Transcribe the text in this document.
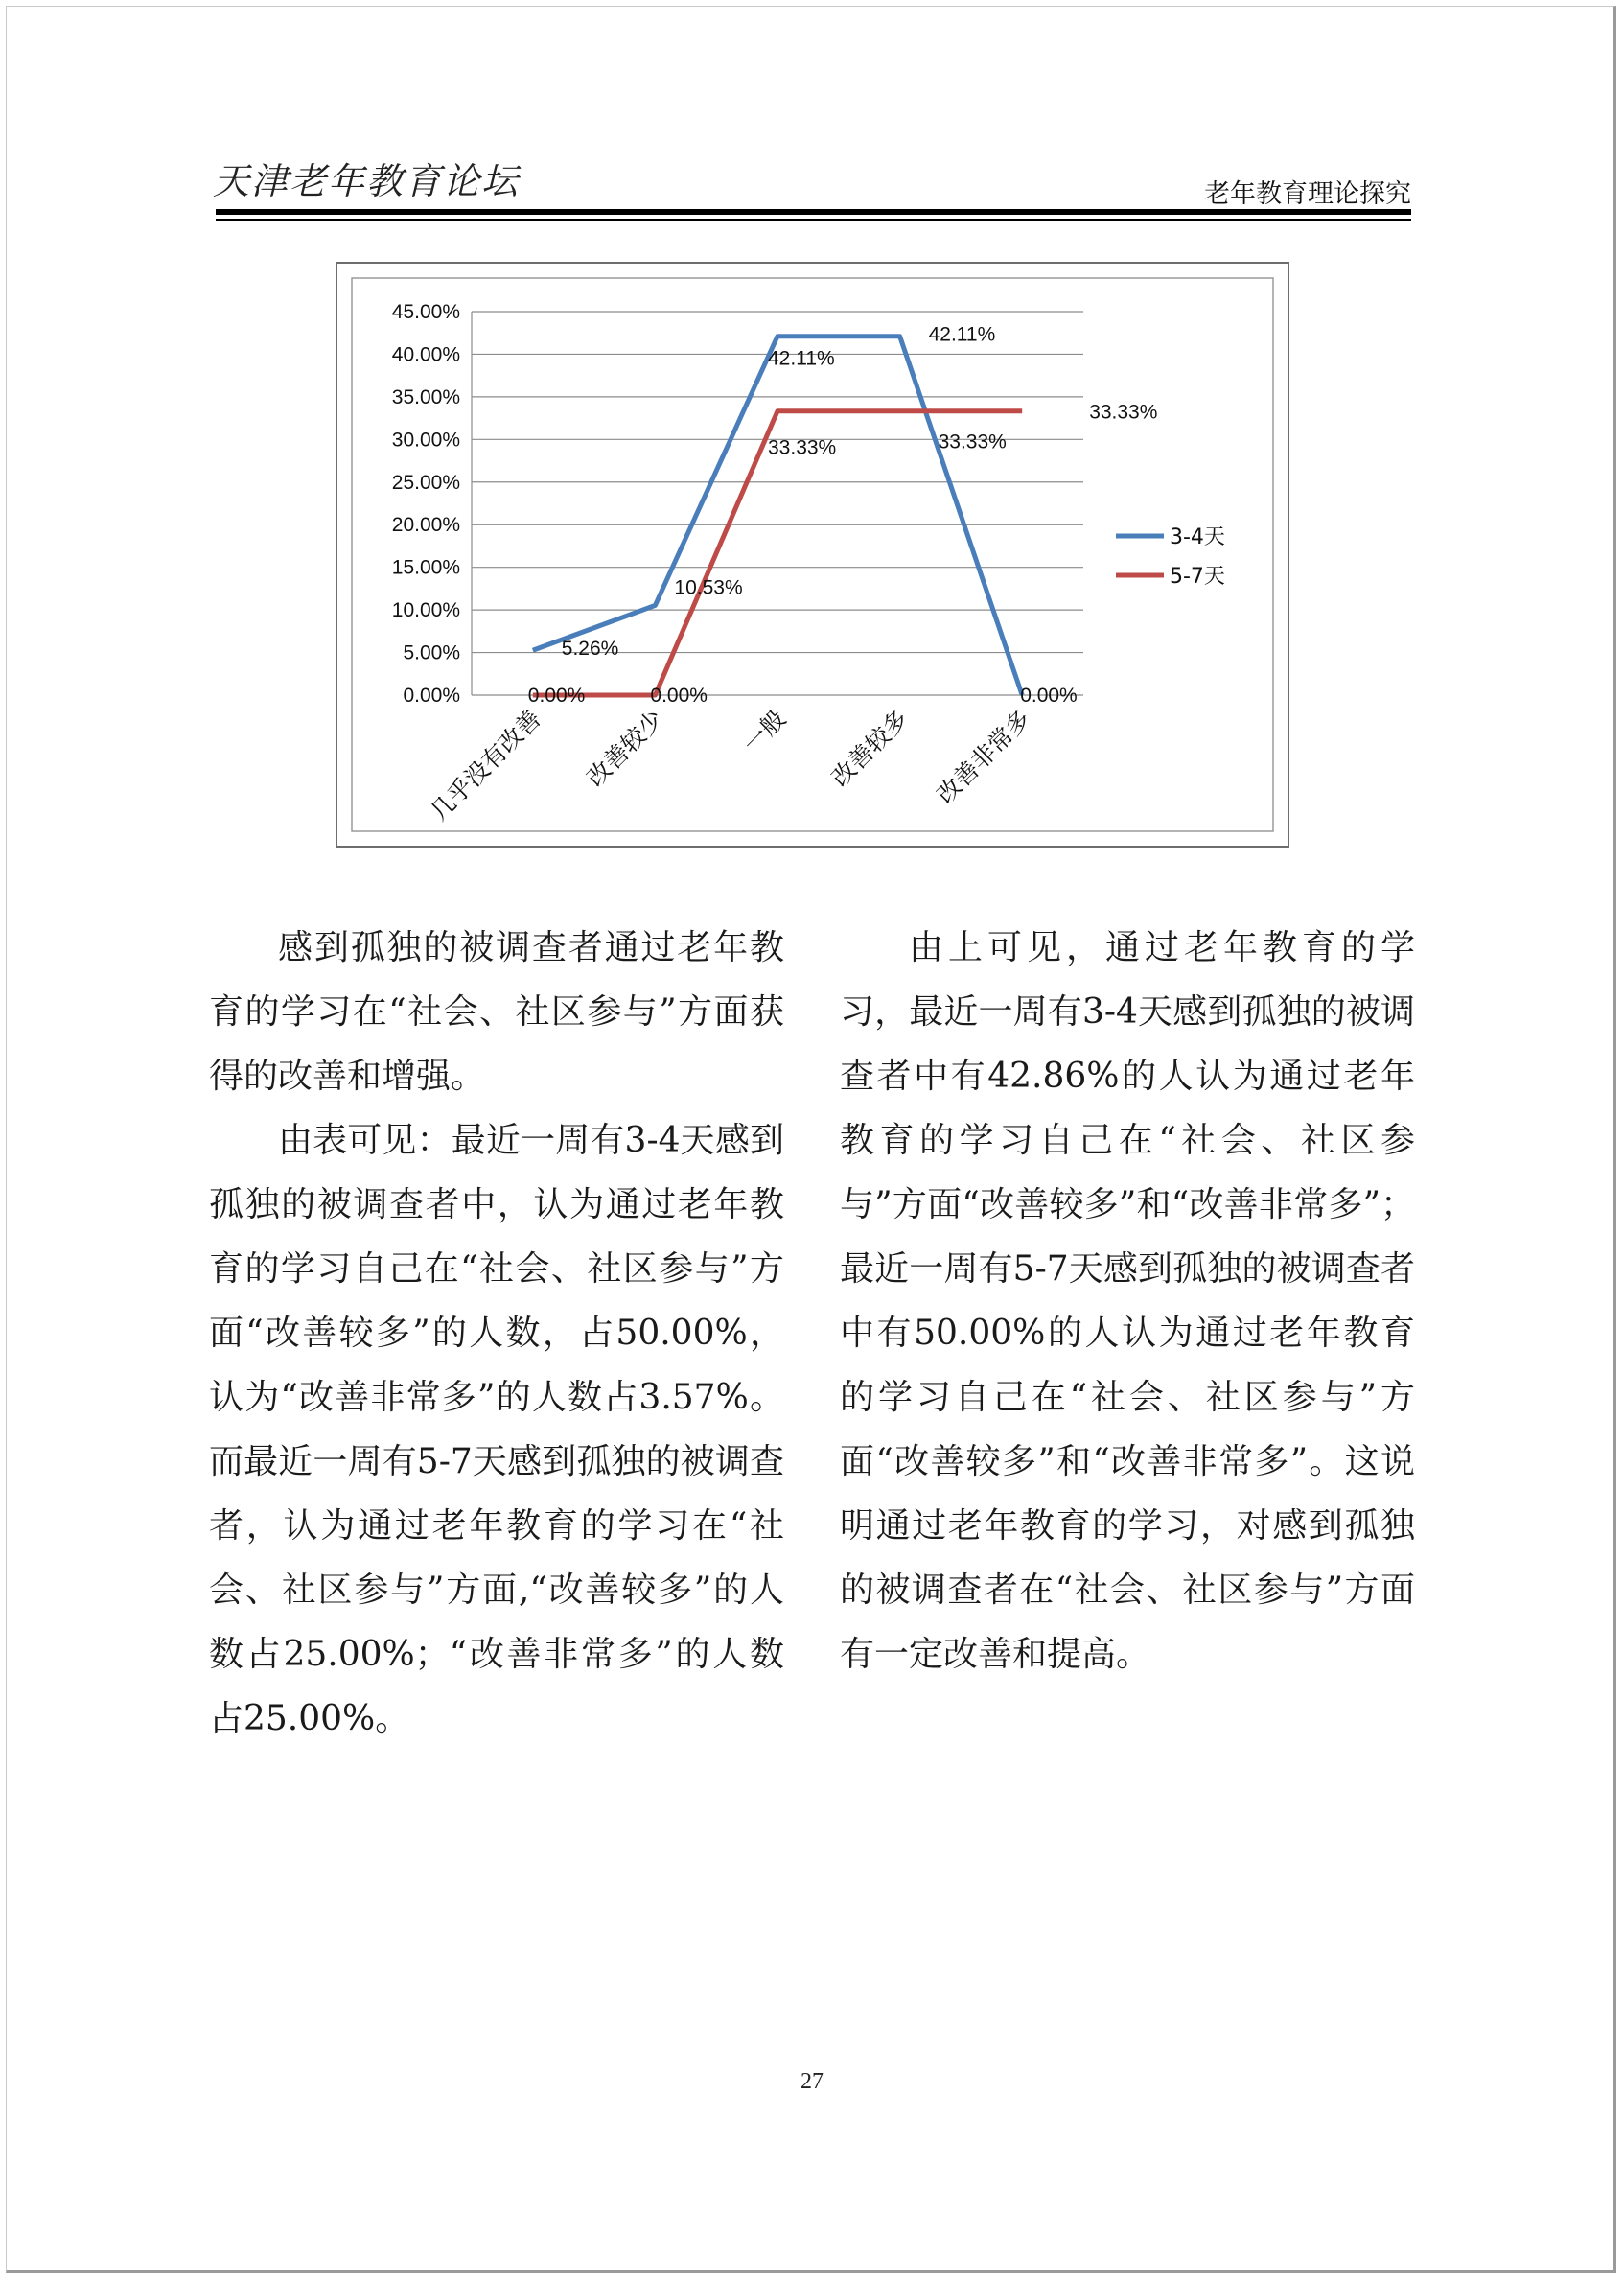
天津老年教育论坛	老年教育理论探究
0.00%
5.00%
10.00%
15.00%
20.00%
25.00%
30.00%
35.00%
40.00%
45.00%
几乎没有改善 改善较少	一般 改善较多 改善非常多
5.26%
10.53%
42.11%
42.11%
0.00%
0.00%	0.00%
33.33%	33.33%
33.33%
3-4天
5-7天

感到孤独的被调查者通过老年教育的学习在“社会、社区参与”方面获得的改善和增强。

由表可见：最近一周有3-4天感到孤独的被调查者中，认为通过老年教育的学习自己在“社会、社区参与”方面“改善较多”的人数，占50.00%，认为“改善非常多”的人数占3.57%。而最近一周有5-7天感到孤独的被调查者，认为通过老年教育的学习在“社会、社区参与”方面,“改善较多”的人数占25.00%；“改善非常多”的人数占25.00%。

由上可见，通过老年教育的学习，最近一周有3-4天感到孤独的被调查者中有42.86%的人认为通过老年教育的学习自己在“社会、社区参与”方面“改善较多”和“改善非常多”； 最近一周有5-7天感到孤独的被调查者中有50.00%的人认为通过老年教育的学习自己在“社会、社区参与”方面“改善较多”和“改善非常多”。这说明通过老年教育的学习，对感到孤独的被调查者在“社会、社区参与”方面有一定改善和提高。

27
